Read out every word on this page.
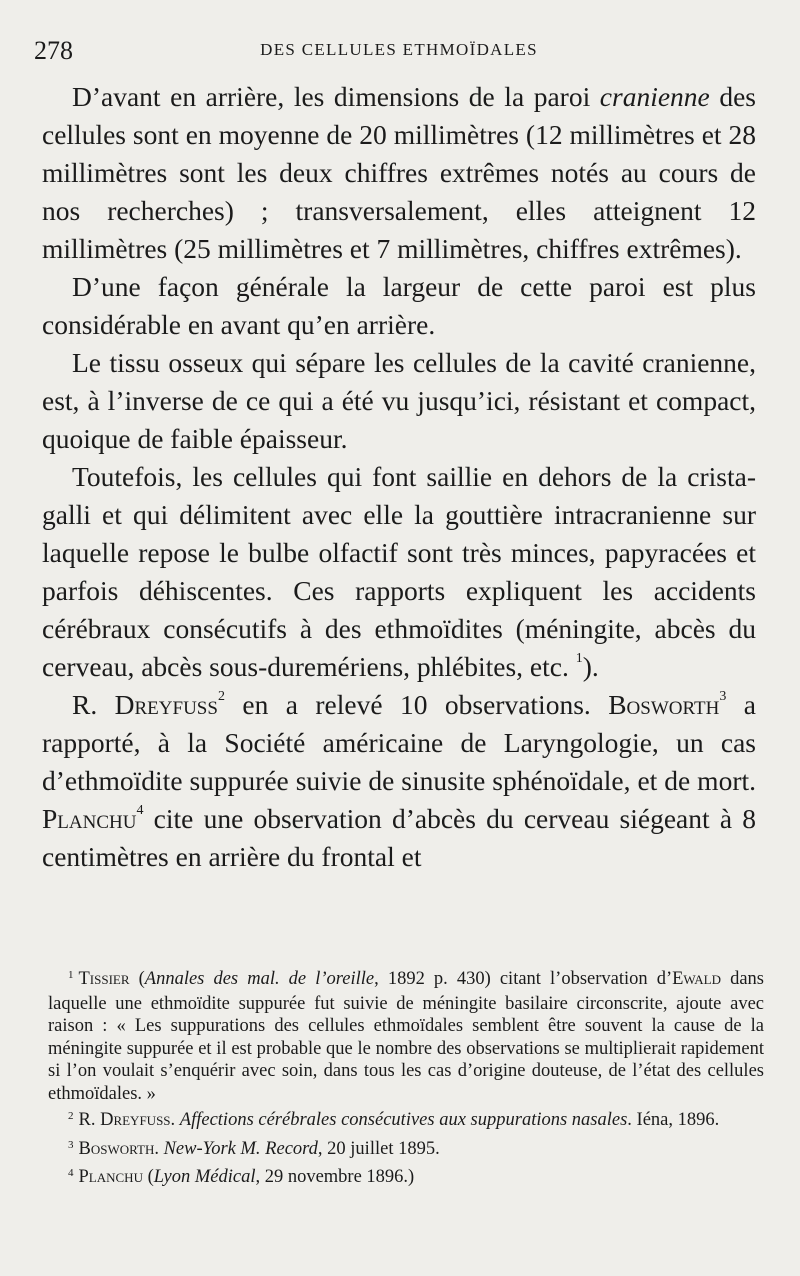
278	DES CELLULES ETHMOÏDALES

D’avant en arrière, les dimensions de la paroi cranienne des cellules sont en moyenne de 20 millimètres (12 millimètres et 28 millimètres sont les deux chiffres extrêmes notés au cours de nos recherches) ; transversalement, elles atteignent 12 millimètres (25 millimètres et 7 millimètres, chiffres extrêmes).

D’une façon générale la largeur de cette paroi est plus considérable en avant qu’en arrière.

Le tissu osseux qui sépare les cellules de la cavité cranienne, est, à l’inverse de ce qui a été vu jusqu’ici, résistant et compact, quoique de faible épaisseur.

Toutefois, les cellules qui font saillie en dehors de la crista-galli et qui délimitent avec elle la gouttière intracranienne sur laquelle repose le bulbe olfactif sont très minces, papyracées et parfois déhiscentes. Ces rapports expliquent les accidents cérébraux consécutifs à des ethmoïdites (méningite, abcès du cerveau, abcès sous-duremériens, phlébites, etc. $^1$).

R. Dreyfuss$^2$ en a relevé 10 observations. Bosworth$^3$ a rapporté, à la Société américaine de Laryngologie, un cas d’ethmoïdite suppurée suivie de sinusite sphénoïdale, et de mort. Planchu$^4$ cite une observation d’abcès du cerveau siégeant à 8 centimètres en arrière du frontal et

$^1$ Tissier (Annales des mal. de l’oreille, 1892 p. 430) citant l’observation d’Ewald dans laquelle une ethmoïdite suppurée fut suivie de méningite basilaire circonscrite, ajoute avec raison : « Les suppurations des cellules ethmoïdales semblent être souvent la cause de la méningite suppurée et il est probable que le nombre des observations se multiplierait rapidement si l’on voulait s’enquérir avec soin, dans tous les cas d’origine douteuse, de l’état des cellules ethmoïdales. »

$^2$ R. Dreyfuss. Affections cérébrales consécutives aux suppurations nasales. Iéna, 1896.

$^3$ Bosworth. New-York M. Record, 20 juillet 1895.

$^4$ Planchu (Lyon Médical, 29 novembre 1896.)
